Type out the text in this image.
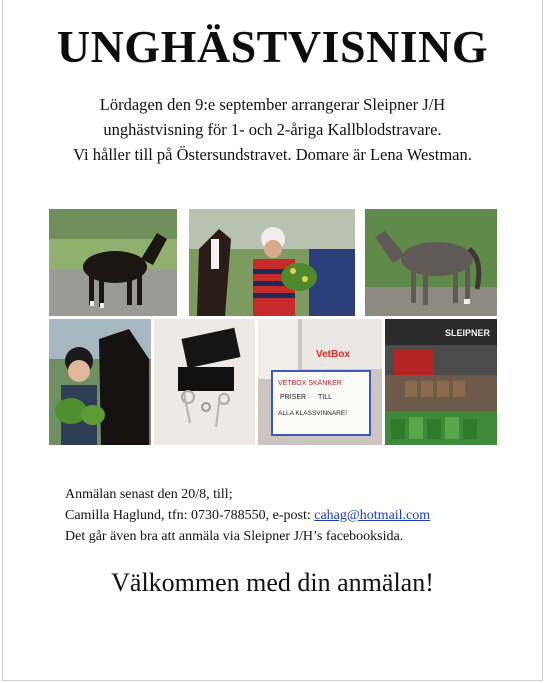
UNGHÄSTVISNING
Lördagen den 9:e september arrangerar Sleipner J/H
unghästvisning för 1- och 2-åriga Kallblodstravare.
Vi håller till på Östersundstravet. Domare är Lena Westman.
VetBox
VETBOX SKÄNKER
PRISER TILL
ALLA KLASSVINNARE!
SLEIPNER
Anmälan senast den 20/8, till;
Camilla Haglund, tfn: 0730-788550, e-post: cahag@hotmail.com
Det går även bra att anmäla via Sleipner J/H’s facebooksida.
Välkommen med din anmälan!
